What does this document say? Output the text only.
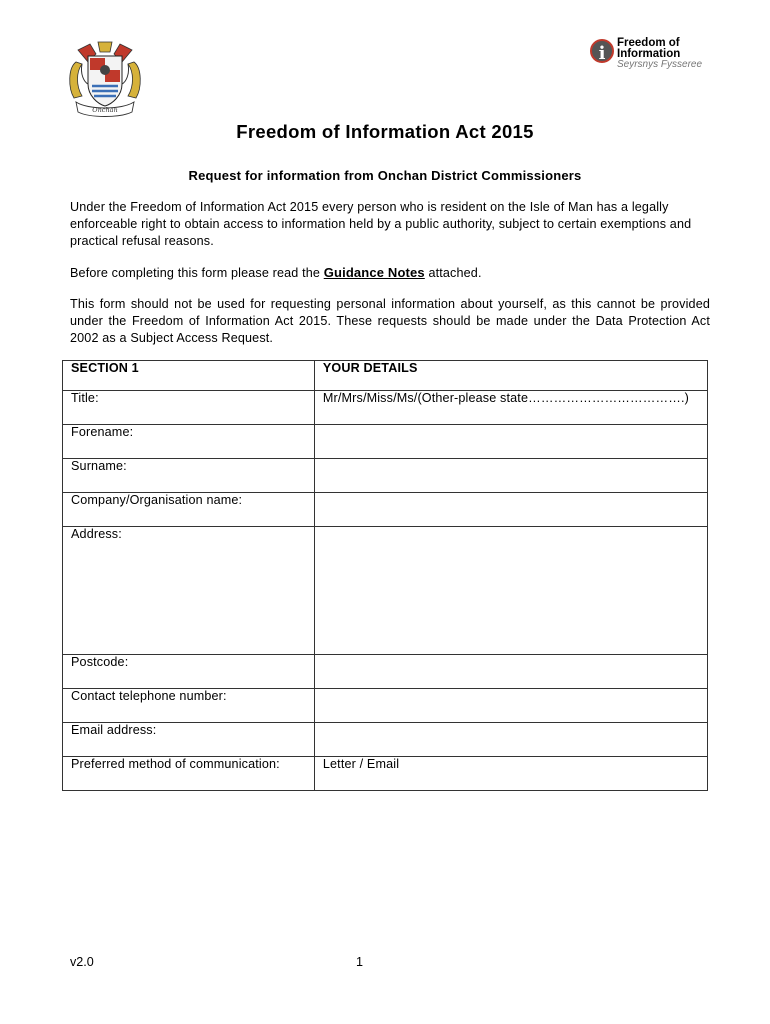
Onchan
i	Freedom of
Information
Seyrsnys Fysseree
Freedom of Information Act 2015
Request for information from Onchan District Commissioners
Under the Freedom of Information Act 2015 every person who is resident on the Isle of Man has a legally enforceable right to obtain access to information held by a public authority, subject to certain exemptions and practical refusal reasons.
Before completing this form please read the Guidance Notes attached.
This form should not be used for requesting personal information about yourself, as this cannot be provided under the Freedom of Information Act 2015. These requests should be made under the Data Protection Act 2002 as a Subject Access Request.
SECTION 1	YOUR DETAILS
Title:	Mr/Mrs/Miss/Ms/(Other-please state……………………………….)
Forename:	
Surname:	
Company/Organisation name:	
Address:	
Postcode:	
Contact telephone number:	
Email address:	
Preferred method of communication:	Letter / Email
v2.0	1
